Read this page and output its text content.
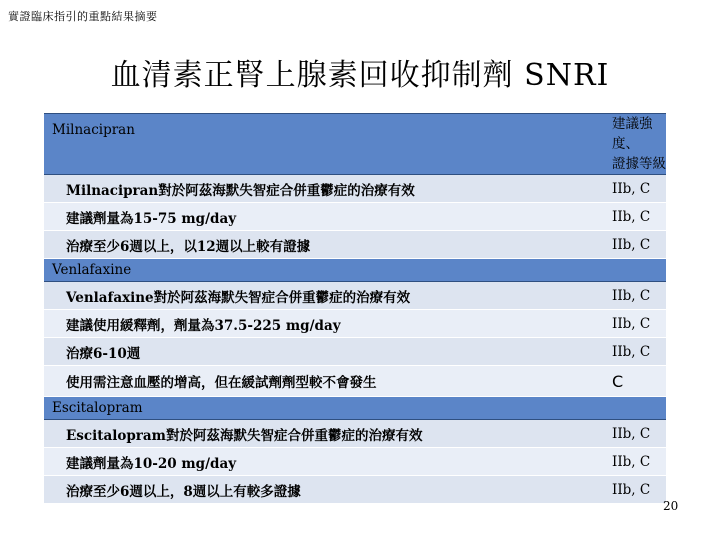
實證臨床指引的重點結果摘要
血清素正腎上腺素回收抑制劑 SNRI
Milnacipran	建議強度、
證據等級
Milnacipran對於阿茲海默失智症合併重鬱症的治療有效	IIb, C
建議劑量為15-75 mg/day	IIb, C
治療至少6週以上，以12週以上較有證據	IIb, C
Venlafaxine	
Venlafaxine對於阿茲海默失智症合併重鬱症的治療有效	IIb, C
建議使用緩釋劑，劑量為37.5-225 mg/day	IIb, C
治療6-10週	IIb, C
使用需注意血壓的增高，但在緩試劑劑型較不會發生	C
Escitalopram	
Escitalopram對於阿茲海默失智症合併重鬱症的治療有效	IIb, C
建議劑量為10-20 mg/day	IIb, C
治療至少6週以上，8週以上有較多證據	IIb, C
20
